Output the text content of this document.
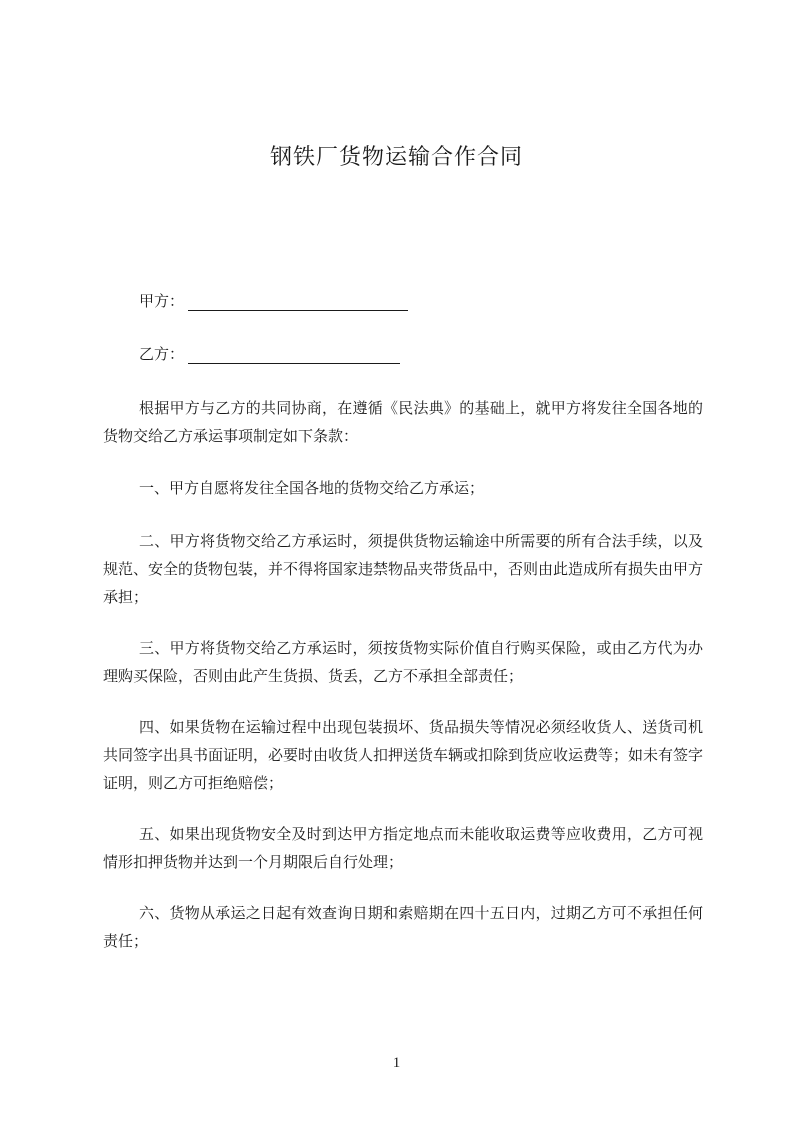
钢铁厂货物运输合作合同
甲方：
乙方：

根据甲方与乙方的共同协商，在遵循《民法典》的基础上，就甲方将发往全国各地的货物交给乙方承运事项制定如下条款：

一、甲方自愿将发往全国各地的货物交给乙方承运；

二、甲方将货物交给乙方承运时，须提供货物运输途中所需要的所有合法手续，以及规范、安全的货物包装，并不得将国家违禁物品夹带货品中，否则由此造成所有损失由甲方承担；

三、甲方将货物交给乙方承运时，须按货物实际价值自行购买保险，或由乙方代为办理购买保险，否则由此产生货损、货丢，乙方不承担全部责任；

四、如果货物在运输过程中出现包装损坏、货品损失等情况必须经收货人、送货司机共同签字出具书面证明，必要时由收货人扣押送货车辆或扣除到货应收运费等；如未有签字证明，则乙方可拒绝赔偿；

五、如果出现货物安全及时到达甲方指定地点而未能收取运费等应收费用，乙方可视情形扣押货物并达到一个月期限后自行处理；

六、货物从承运之日起有效查询日期和索赔期在四十五日内，过期乙方可不承担任何责任；

1
